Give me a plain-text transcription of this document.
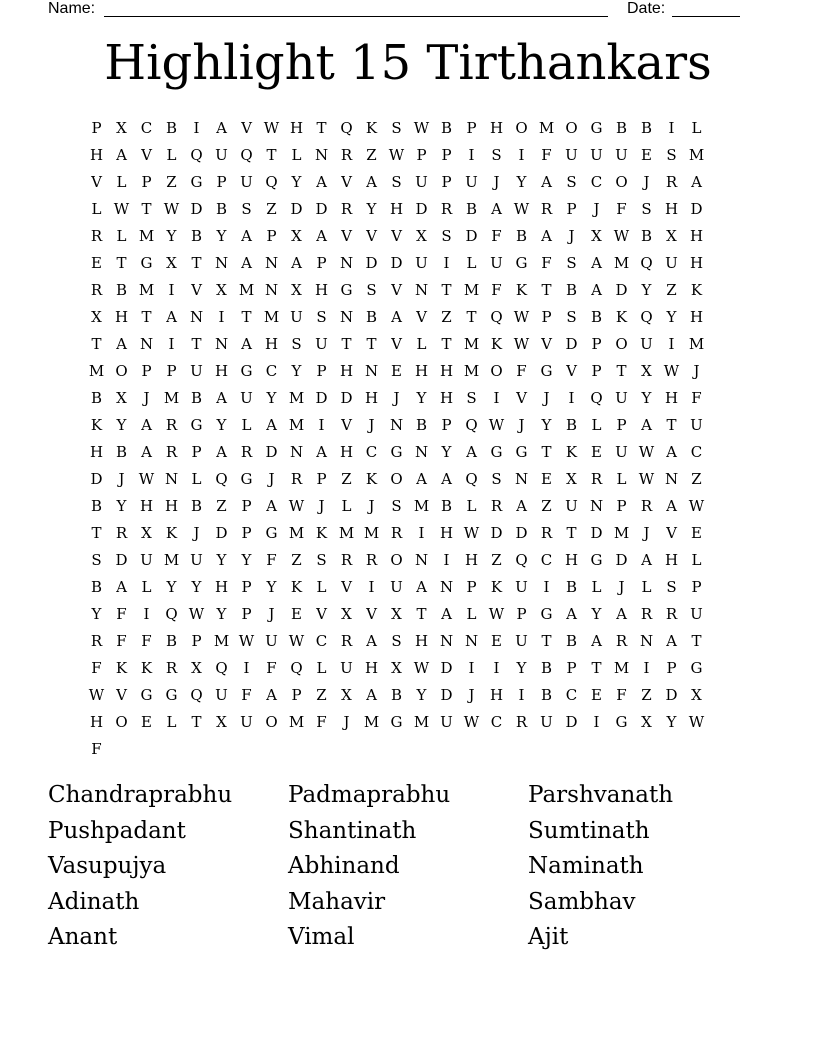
Name:	Date:
Highlight 15 Tirthankars
P X C B	I	A V W H T Q K S W B P H O M O G B B	I	L
H A V L Q U Q T	L N R Z W P P	I	S	I	F U U U E S M
V L P Z G P U Q Y A V A S U P U	J	Y A S C O	J	R A
L W T W D B S Z D D R Y H D R B A W R P	J	F S H D
R L M Y B Y A P X A V V V X S D F B A	J	X W B X H
E T G X T N A N A P N D D U	I	L U G F S A M Q U H
R B M I	V X M N X H G S V N T M F K T B A D Y Z K
X H T A N	I	T M U S N B A V Z T Q W P S B K Q Y H
T A N	I	T N A H S U T T V L	T M K W V D P O U	I M
M O P P U H G C Y	P H N E H H M O F G V P T X W J
B X	J M B A U Y M D D H	J	Y H S	I	V	J	I	Q U Y H F
K Y A R G Y	L A M I	V	J	N B P Q W J	Y B L P A T U
H B A R P A R D N A H C G N Y A G G T K E U W A C
D	J W N L Q G	J	R P Z K O A A Q S N E X R L W N Z
B Y H H B Z P A W J	L	J	S M B L R A Z U N P R A W
T R X K	J	D P G M K M M R	I	H W D D R T D M J	V E
S D U M U Y	Y F Z S R R O N	I	H Z Q C H G D A H L
B A L	Y	Y H P	Y K L V	I	U A N P K U	I	B L	J	L S P
Y F	I	Q W Y	P	J	E V X V X T A L W P G A Y A R R U
R F F B P M W U W C R A S H N N E U T B A R N A T
F K K R X Q	I	F Q L U H X W D	I	I	Y B P T M I	P G
W V G G Q U F A P Z X A B Y D	J	H	I	B C E F Z D X
H O E L	T X U O M F	J M G M U W C R U D	I	G X Y W
F
Chandraprabhu	Padmaprabhu	Parshvanath
Pushpadant	Shantinath	Sumtinath
Vasupujya	Abhinand	Naminath
Adinath	Mahavir	Sambhav
Anant	Vimal	Ajit
